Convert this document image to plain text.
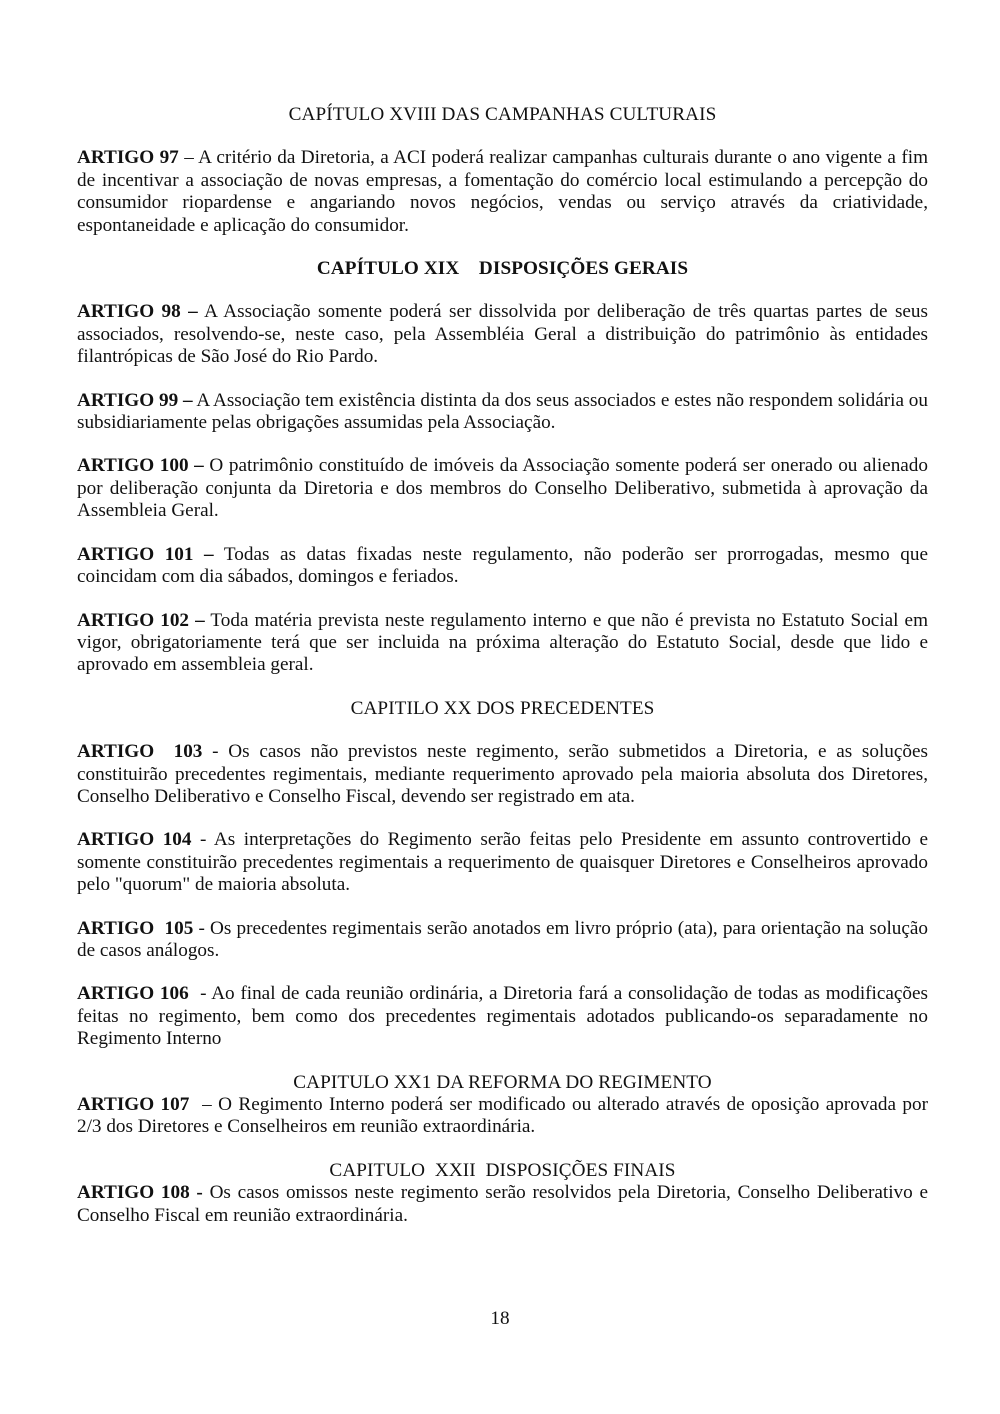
CAPÍTULO XVIII DAS CAMPANHAS CULTURAIS

ARTIGO 97 – A critério da Diretoria, a ACI poderá realizar campanhas culturais durante o ano vigente a fim de incentivar a associação de novas empresas, a fomentação do comércio local estimulando a percepção do consumidor riopardense e angariando novos negócios, vendas ou serviço através da criatividade, espontaneidade e aplicação do consumidor.

CAPÍTULO XIX    DISPOSIÇÕES GERAIS

ARTIGO 98 – A Associação somente poderá ser dissolvida por deliberação de três quartas partes de seus associados, resolvendo-se, neste caso, pela Assembléia Geral a distribuição do patrimônio às entidades filantrópicas de São José do Rio Pardo.

ARTIGO 99 – A Associação tem existência distinta da dos seus associados e estes não respondem solidária ou subsidiariamente pelas obrigações assumidas pela Associação.

ARTIGO 100 – O patrimônio constituído de imóveis da Associação somente poderá ser onerado ou alienado por deliberação conjunta da Diretoria e dos membros do Conselho Deliberativo, submetida à aprovação da Assembleia Geral.

ARTIGO 101 – Todas as datas fixadas neste regulamento, não poderão ser prorrogadas, mesmo que coincidam com dia sábados, domingos e feriados.

ARTIGO 102 – Toda matéria prevista neste regulamento interno e que não é prevista no Estatuto Social em vigor, obrigatoriamente terá que ser incluida na próxima alteração do Estatuto Social, desde que lido e aprovado em assembleia geral.

CAPITILO XX DOS PRECEDENTES

ARTIGO  103 - Os casos não previstos neste regimento, serão submetidos a Diretoria, e as soluções constituirão precedentes regimentais, mediante requerimento aprovado pela maioria absoluta dos Diretores, Conselho Deliberativo e Conselho Fiscal, devendo ser registrado em ata.

ARTIGO 104 - As interpretações do Regimento serão feitas pelo Presidente em assunto controvertido e somente constituirão precedentes regimentais a requerimento de quaisquer Diretores e Conselheiros aprovado pelo "quorum" de maioria absoluta.

ARTIGO  105 - Os precedentes regimentais serão anotados em livro próprio (ata), para orientação na solução de casos análogos.

ARTIGO 106  - Ao final de cada reunião ordinária, a Diretoria fará a consolidação de todas as modificações feitas no regimento, bem como dos precedentes regimentais adotados publicando-os separadamente no Regimento Interno

CAPITULO XX1 DA REFORMA DO REGIMENTO

ARTIGO 107  – O Regimento Interno poderá ser modificado ou alterado através de oposição aprovada por 2/3 dos Diretores e Conselheiros em reunião extraordinária.

CAPITULO  XXII  DISPOSIÇÕES FINAIS

ARTIGO 108 - Os casos omissos neste regimento serão resolvidos pela Diretoria, Conselho Deliberativo e Conselho Fiscal em reunião extraordinária.

18
